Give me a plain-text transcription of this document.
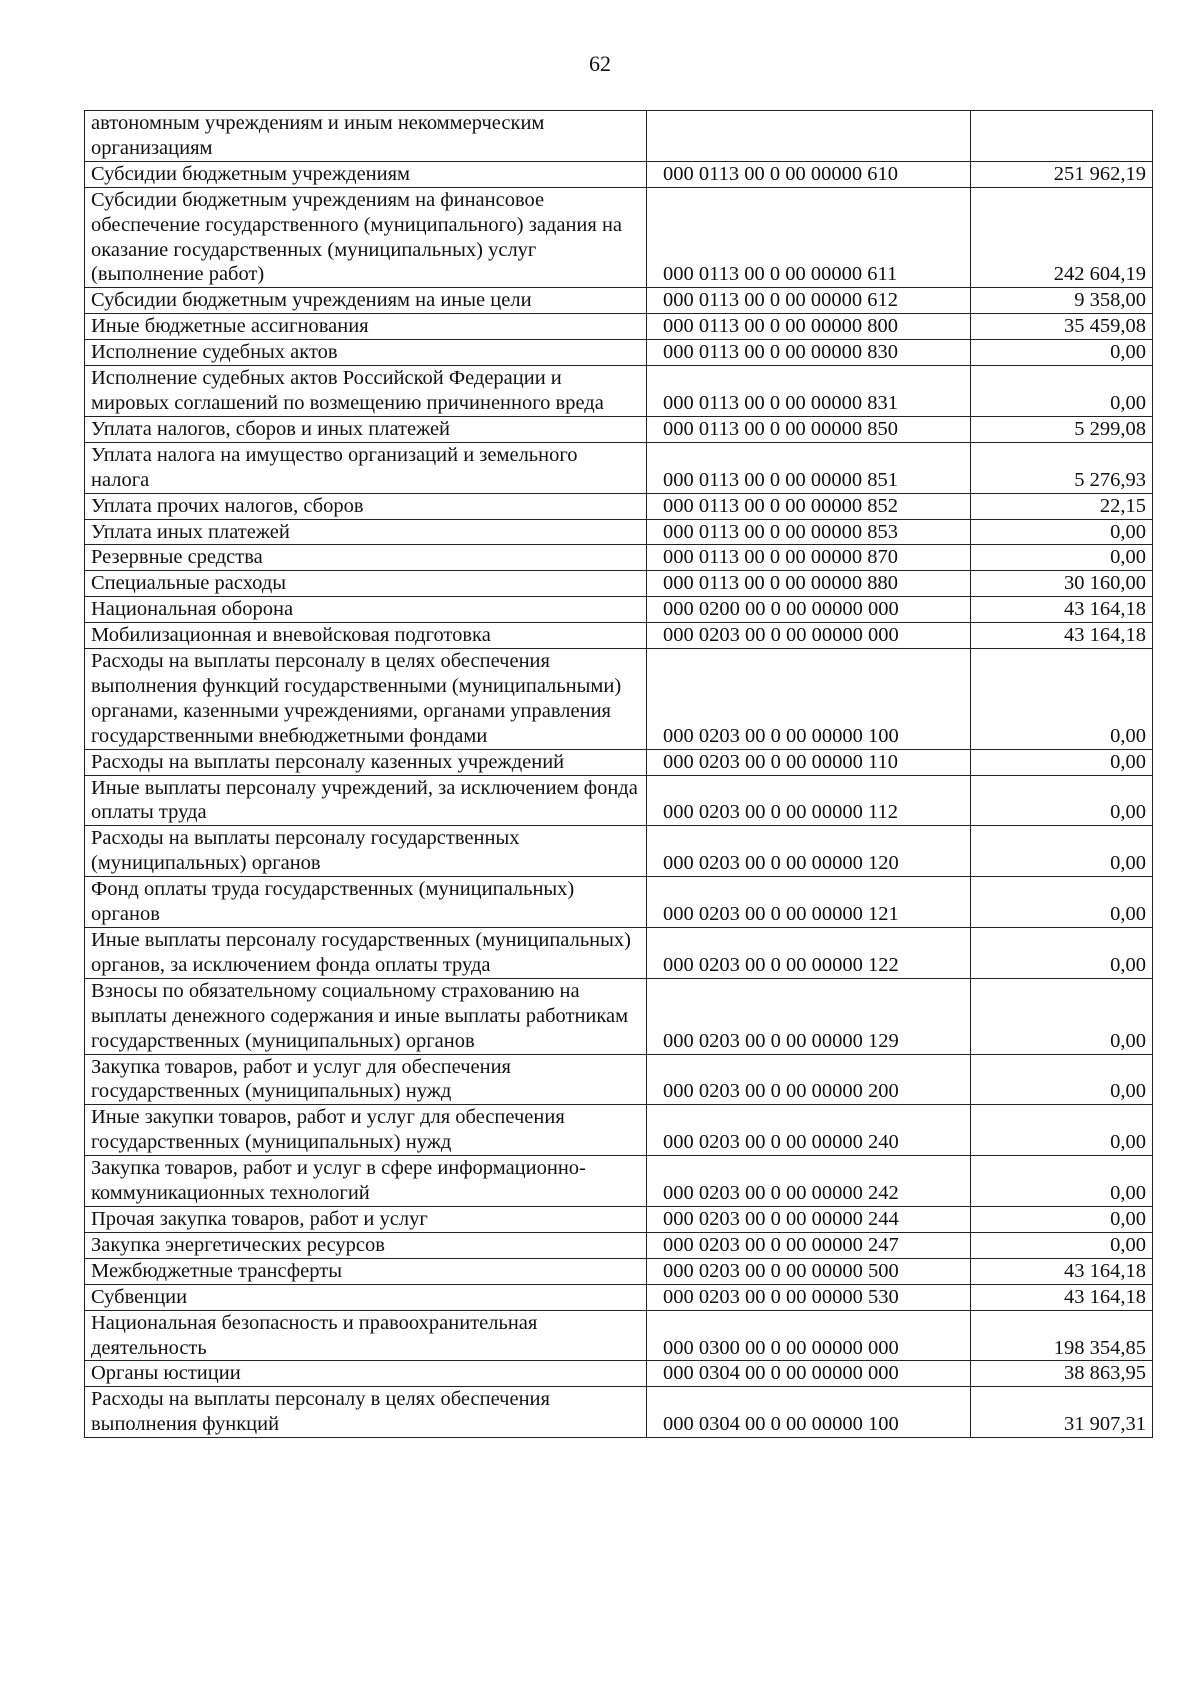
62
автономным учреждениям и иным некоммерческим организациям		
Субсидии бюджетным учреждениям	000 0113 00 0 00 00000 610	251 962,19
Субсидии бюджетным учреждениям на финансовое обеспечение государственного (муниципального) задания на оказание государственных (муниципальных) услуг (выполнение работ)	000 0113 00 0 00 00000 611	242 604,19
Субсидии бюджетным учреждениям на иные цели	000 0113 00 0 00 00000 612	9 358,00
Иные бюджетные ассигнования	000 0113 00 0 00 00000 800	35 459,08
Исполнение судебных актов	000 0113 00 0 00 00000 830	0,00
Исполнение судебных актов Российской Федерации и мировых соглашений по возмещению причиненного вреда	000 0113 00 0 00 00000 831	0,00
Уплата налогов, сборов и иных платежей	000 0113 00 0 00 00000 850	5 299,08
Уплата налога на имущество организаций и земельного налога	000 0113 00 0 00 00000 851	5 276,93
Уплата прочих налогов, сборов	000 0113 00 0 00 00000 852	22,15
Уплата иных платежей	000 0113 00 0 00 00000 853	0,00
Резервные средства	000 0113 00 0 00 00000 870	0,00
Специальные расходы	000 0113 00 0 00 00000 880	30 160,00
Национальная оборона	000 0200 00 0 00 00000 000	43 164,18
Мобилизационная и вневойсковая подготовка	000 0203 00 0 00 00000 000	43 164,18
Расходы на выплаты персоналу в целях обеспечения выполнения функций государственными (муниципальными) органами, казенными учреждениями, органами управления государственными внебюджетными фондами	000 0203 00 0 00 00000 100	0,00
Расходы на выплаты персоналу казенных учреждений	000 0203 00 0 00 00000 110	0,00
Иные выплаты персоналу учреждений, за исключением фонда оплаты труда	000 0203 00 0 00 00000 112	0,00
Расходы на выплаты персоналу государственных (муниципальных) органов	000 0203 00 0 00 00000 120	0,00
Фонд оплаты труда государственных (муниципальных) органов	000 0203 00 0 00 00000 121	0,00
Иные выплаты персоналу государственных (муниципальных) органов, за исключением фонда оплаты труда	000 0203 00 0 00 00000 122	0,00
Взносы по обязательному социальному страхованию на выплаты денежного содержания и иные выплаты работникам государственных (муниципальных) органов	000 0203 00 0 00 00000 129	0,00
Закупка товаров, работ и услуг для обеспечения государственных (муниципальных) нужд	000 0203 00 0 00 00000 200	0,00
Иные закупки товаров, работ и услуг для обеспечения государственных (муниципальных) нужд	000 0203 00 0 00 00000 240	0,00
Закупка товаров, работ и услуг в сфере информационно-коммуникационных технологий	000 0203 00 0 00 00000 242	0,00
Прочая закупка товаров, работ и услуг	000 0203 00 0 00 00000 244	0,00
Закупка энергетических ресурсов	000 0203 00 0 00 00000 247	0,00
Межбюджетные трансферты	000 0203 00 0 00 00000 500	43 164,18
Субвенции	000 0203 00 0 00 00000 530	43 164,18
Национальная безопасность и правоохранительная деятельность	000 0300 00 0 00 00000 000	198 354,85
Органы юстиции	000 0304 00 0 00 00000 000	38 863,95
Расходы на выплаты персоналу в целях обеспечения выполнения функций	000 0304 00 0 00 00000 100	31 907,31
